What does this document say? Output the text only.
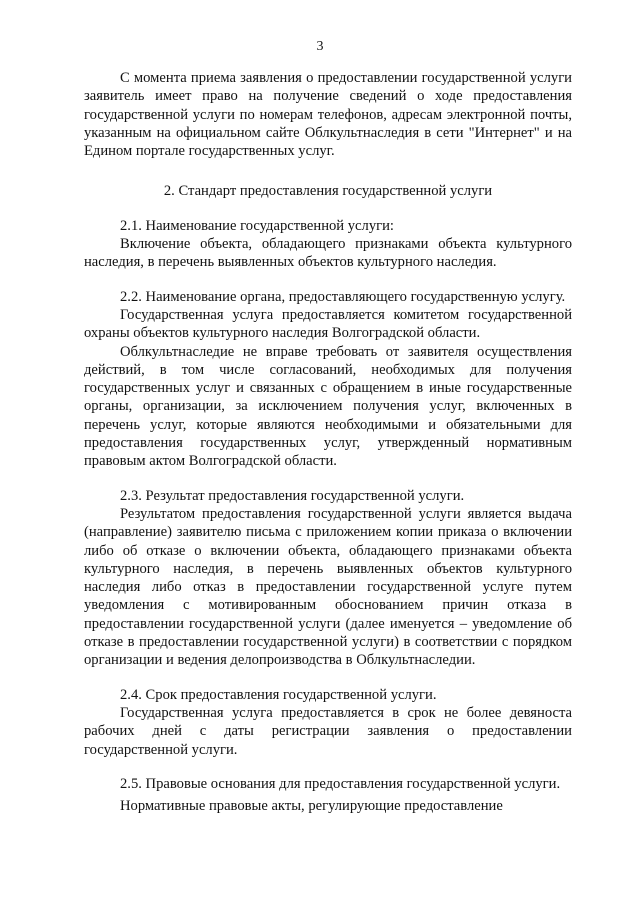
3

С момента приема заявления о предоставлении государственной услуги заявитель имеет право на получение сведений о ходе предоставления государственной услуги по номерам телефонов, адресам электронной почты, указанным на официальном сайте Облкультнаследия в сети "Интернет" и на Едином портале государственных услуг.

2. Стандарт предоставления государственной услуги

2.1. Наименование государственной услуги:

Включение объекта, обладающего признаками объекта культурного наследия, в перечень выявленных объектов культурного наследия.

2.2. Наименование органа, предоставляющего государственную услугу.

Государственная услуга предоставляется комитетом государственной охраны объектов культурного наследия Волгоградской области.

Облкультнаследие не вправе требовать от заявителя осуществления действий, в том числе согласований, необходимых для получения государственных услуг и связанных с обращением в иные государственные органы, организации, за исключением получения услуг, включенных в перечень услуг, которые являются необходимыми и обязательными для предоставления государственных услуг, утвержденный нормативным правовым актом Волгоградской области.

2.3. Результат предоставления государственной услуги.

Результатом предоставления государственной услуги является выдача (направление) заявителю письма с приложением копии приказа о включении либо об отказе о включении объекта, обладающего признаками объекта культурного наследия, в перечень выявленных объектов культурного наследия либо отказ в предоставлении государственной услуге путем уведомления с мотивированным обоснованием причин отказа в предоставлении государственной услуги (далее именуется – уведомление об отказе в предоставлении государственной услуги) в соответствии с порядком организации и ведения делопроизводства в Облкультнаследии.

2.4. Срок предоставления государственной услуги.

Государственная услуга предоставляется в срок не более девяноста рабочих дней с даты регистрации заявления о предоставлении государственной услуги.

2.5. Правовые основания для предоставления государственной услуги.

Нормативные правовые акты, регулирующие предоставление
